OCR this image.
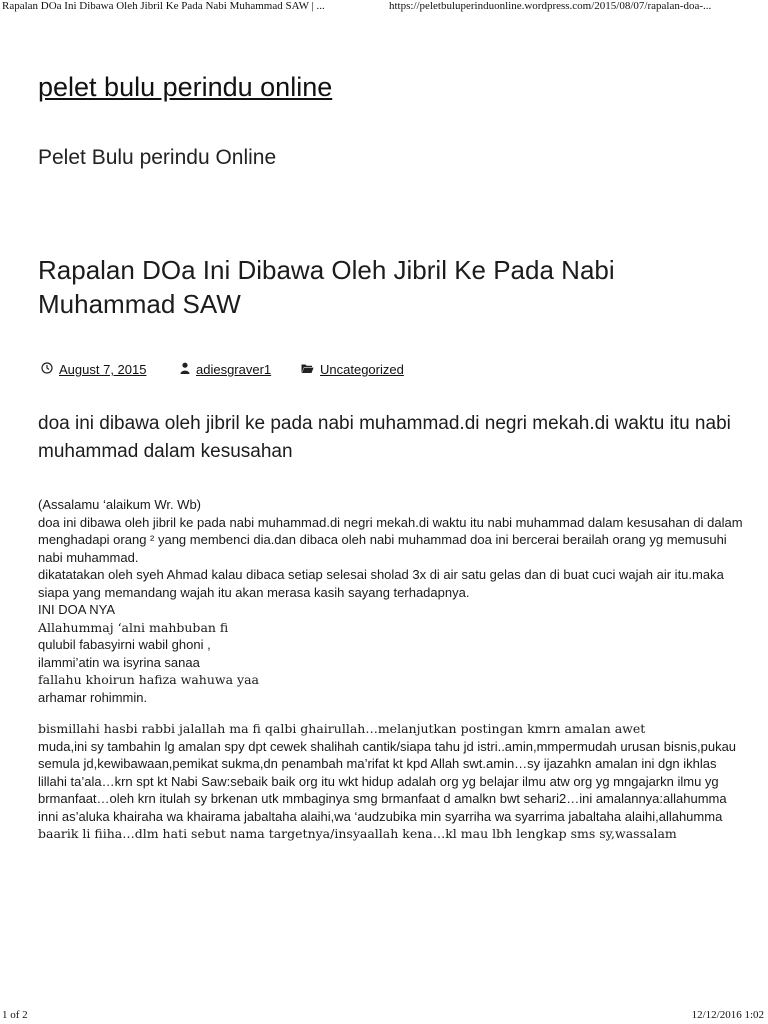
Rapalan DOa Ini Dibawa Oleh Jibril Ke Pada Nabi Muhammad SAW | ...	https://peletbuluperinduonline.wordpress.com/2015/08/07/rapalan-doa-...
pelet bulu perindu online
Pelet Bulu perindu Online
Rapalan DOa Ini Dibawa Oleh Jibril Ke Pada Nabi Muhammad SAW
August 7, 2015	adiesgraver1	Uncategorized

doa ini dibawa oleh jibril ke pada nabi muhammad.di negri mekah.di waktu itu nabi muhammad dalam kesusahan

(Assalamu ‘alaikum Wr. Wb)

doa ini dibawa oleh jibril ke pada nabi muhammad.di negri mekah.di waktu itu nabi muhammad dalam kesusahan di dalam menghadapi orang ² yang membenci dia.dan dibaca oleh nabi muhammad doa ini bercerai berailah orang yg memusuhi nabi muhammad.

dikatatakan oleh syeh Ahmad kalau dibaca setiap selesai sholad 3x di air satu gelas dan di buat cuci wajah air itu.maka siapa yang memandang wajah itu akan merasa kasih sayang terhadapnya.

INI DOA NYA

Allahummaj ‘alni mahbuban fi

qulubil fabasyirni wabil ghoni ,

ilammi’atin wa isyrina sanaa

fallahu khoirun hafiza wahuwa yaa

arhamar rohimmin.

bismillahi hasbi rabbi jalallah ma fi qalbi ghairullah…melanjutkan postingan kmrn amalan awet

muda,ini sy tambahin lg amalan spy dpt cewek shalihah cantik/siapa tahu jd istri..amin,mmpermudah urusan bisnis,pukau semula jd,kewibawaan,pemikat sukma,dn penambah ma’rifat kt kpd Allah swt.amin…sy ijazahkn amalan ini dgn ikhlas lillahi ta’ala…krn spt kt Nabi Saw:sebaik baik org itu wkt hidup adalah org yg belajar ilmu atw org yg mngajarkn ilmu yg brmanfaat…oleh krn itulah sy brkenan utk mmbaginya smg brmanfaat d amalkn bwt sehari2…ini amalannya:allahumma inni as’aluka khairaha wa khairama jabaltaha alaihi,wa ‘audzubika min syarriha wa syarrima jabaltaha alaihi,allahumma

baarik li fiiha…dlm hati sebut nama targetnya/insyaallah kena…kl mau lbh lengkap sms sy,wassalam

1 of 2	12/12/2016 1:02
